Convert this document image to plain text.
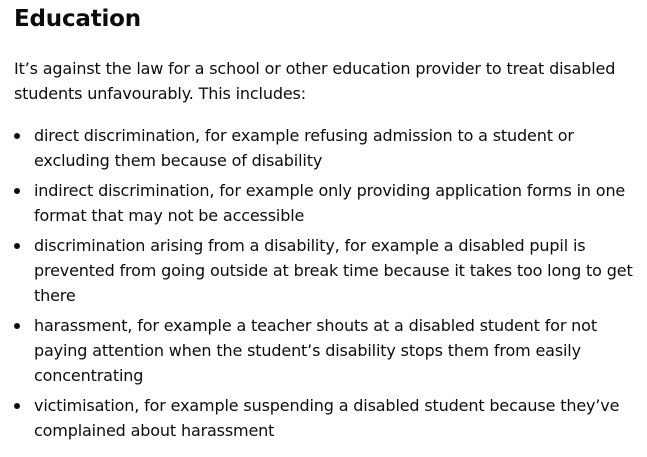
Education

It’s against the law for a school or other education provider to treat disabled students unfavourably. This includes:

direct discrimination, for example refusing admission to a student or excluding them because of disability
indirect discrimination, for example only providing application forms in one format that may not be accessible
discrimination arising from a disability, for example a disabled pupil is prevented from going outside at break time because it takes too long to get there
harassment, for example a teacher shouts at a disabled student for not paying attention when the student’s disability stops them from easily concentrating
victimisation, for example suspending a disabled student because they’ve complained about harassment
